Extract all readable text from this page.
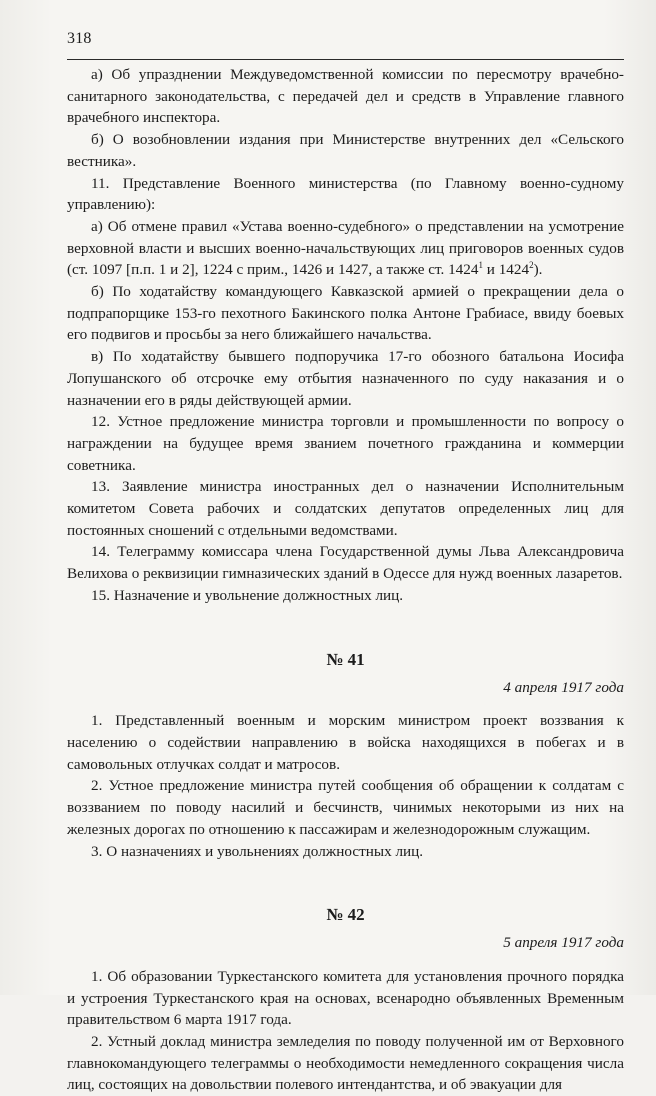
318

а) Об упразднении Междуведомственной комиссии по пересмотру врачебно-санитарного законодательства, с передачей дел и средств в Управление главного врачебного инспектора.

б) О возобновлении издания при Министерстве внутренних дел «Сельского вестника».

11. Представление Военного министерства (по Главному военно-судному управлению):

а) Об отмене правил «Устава военно-судебного» о представлении на усмотрение верховной власти и высших военно-начальствующих лиц приговоров военных судов (ст. 1097 [п.п. 1 и 2], 1224 с прим., 1426 и 1427, а также ст. 1424$^1$ и 1424$^2$).

б) По ходатайству командующего Кавказской армией о прекращении дела о подпрапорщике 153-го пехотного Бакинского полка Антоне Грабиасе, ввиду боевых его подвигов и просьбы за него ближайшего начальства.

в) По ходатайству бывшего подпоручика 17-го обозного батальона Иосифа Лопушанского об отсрочке ему отбытия назначенного по суду наказания и о назначении его в ряды действующей армии.

12. Устное предложение министра торговли и промышленности по вопросу о награждении на будущее время званием почетного гражданина и коммерции советника.

13. Заявление министра иностранных дел о назначении Исполнительным комитетом Совета рабочих и солдатских депутатов определенных лиц для постоянных сношений с отдельными ведомствами.

14. Телеграмму комиссара члена Государственной думы Льва Александровича Велихова о реквизиции гимназических зданий в Одессе для нужд военных лазаретов.

15. Назначение и увольнение должностных лиц.

№ 41
4 апреля 1917 года

1. Представленный военным и морским министром проект воззвания к населению о содействии направлению в войска находящихся в побегах и в самовольных отлучках солдат и матросов.

2. Устное предложение министра путей сообщения об обращении к солдатам с воззванием по поводу насилий и бесчинств, чинимых некоторыми из них на железных дорогах по отношению к пассажирам и железнодорожным служащим.

3. О назначениях и увольнениях должностных лиц.

№ 42
5 апреля 1917 года

1. Об образовании Туркестанского комитета для установления прочного порядка и устроения Туркестанского края на основах, всенародно объявленных Временным правительством 6 марта 1917 года.

2. Устный доклад министра земледелия по поводу полученной им от Верховного главнокомандующего телеграммы о необходимости немедленного сокращения числа лиц, состоящих на довольствии полевого интендантства, и об эвакуации для
